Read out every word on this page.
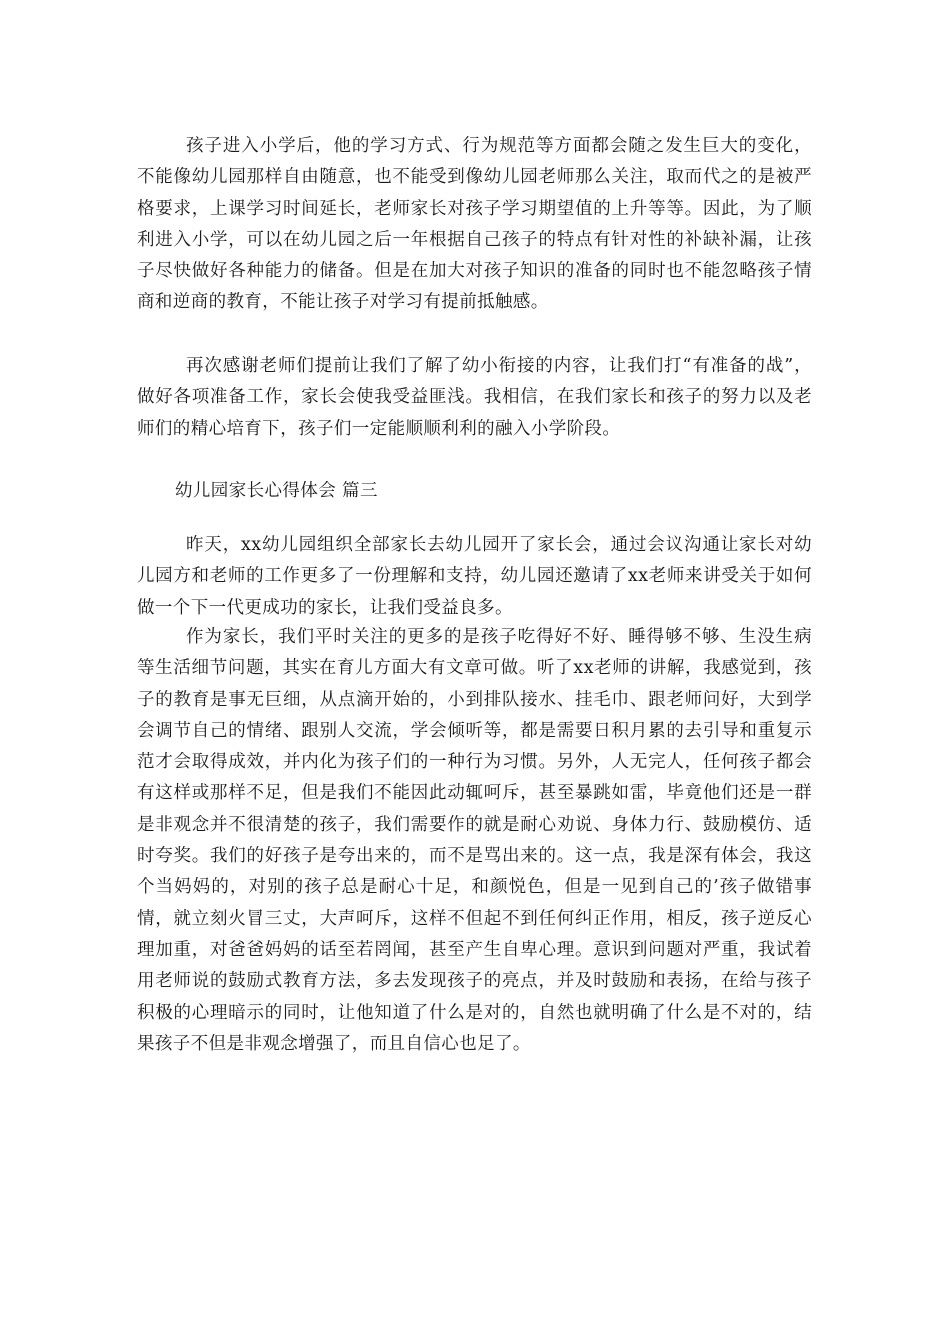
孩子进入小学后，他的学习方式、行为规范等方面都会随之发生巨大的变化，不能像幼儿园那样自由随意，也不能受到像幼儿园老师那么关注，取而代之的是被严格要求，上课学习时间延长，老师家长对孩子学习期望值的上升等等。因此，为了顺利进入小学，可以在幼儿园之后一年根据自己孩子的特点有针对性的补缺补漏，让孩子尽快做好各种能力的储备。但是在加大对孩子知识的准备的同时也不能忽略孩子情商和逆商的教育，不能让孩子对学习有提前抵触感。

再次感谢老师们提前让我们了解了幼小衔接的内容，让我们打“有准备的战”，做好各项准备工作，家长会使我受益匪浅。我相信，在我们家长和孩子的努力以及老师们的精心培育下，孩子们一定能顺顺利利的融入小学阶段。

幼儿园家长心得体会 篇三

昨天，xx幼儿园组织全部家长去幼儿园开了家长会，通过会议沟通让家长对幼儿园方和老师的工作更多了一份理解和支持，幼儿园还邀请了xx老师来讲受关于如何做一个下一代更成功的家长，让我们受益良多。

作为家长，我们平时关注的更多的是孩子吃得好不好、睡得够不够、生没生病等生活细节问题，其实在育儿方面大有文章可做。听了xx老师的讲解，我感觉到，孩子的教育是事无巨细，从点滴开始的，小到排队接水、挂毛巾、跟老师问好，大到学会调节自己的情绪、跟别人交流，学会倾听等，都是需要日积月累的去引导和重复示范才会取得成效，并内化为孩子们的一种行为习惯。另外，人无完人，任何孩子都会有这样或那样不足，但是我们不能因此动辄呵斥，甚至暴跳如雷，毕竟他们还是一群是非观念并不很清楚的孩子，我们需要作的就是耐心劝说、身体力行、鼓励模仿、适时夸奖。我们的好孩子是夸出来的，而不是骂出来的。这一点，我是深有体会，我这个当妈妈的，对别的孩子总是耐心十足，和颜悦色，但是一见到自己的’孩子做错事情，就立刻火冒三丈，大声呵斥，这样不但起不到任何纠正作用，相反，孩子逆反心理加重，对爸爸妈妈的话至若罔闻，甚至产生自卑心理。意识到问题对严重，我试着用老师说的鼓励式教育方法，多去发现孩子的亮点，并及时鼓励和表扬，在给与孩子积极的心理暗示的同时，让他知道了什么是对的，自然也就明确了什么是不对的，结果孩子不但是非观念增强了，而且自信心也足了。
